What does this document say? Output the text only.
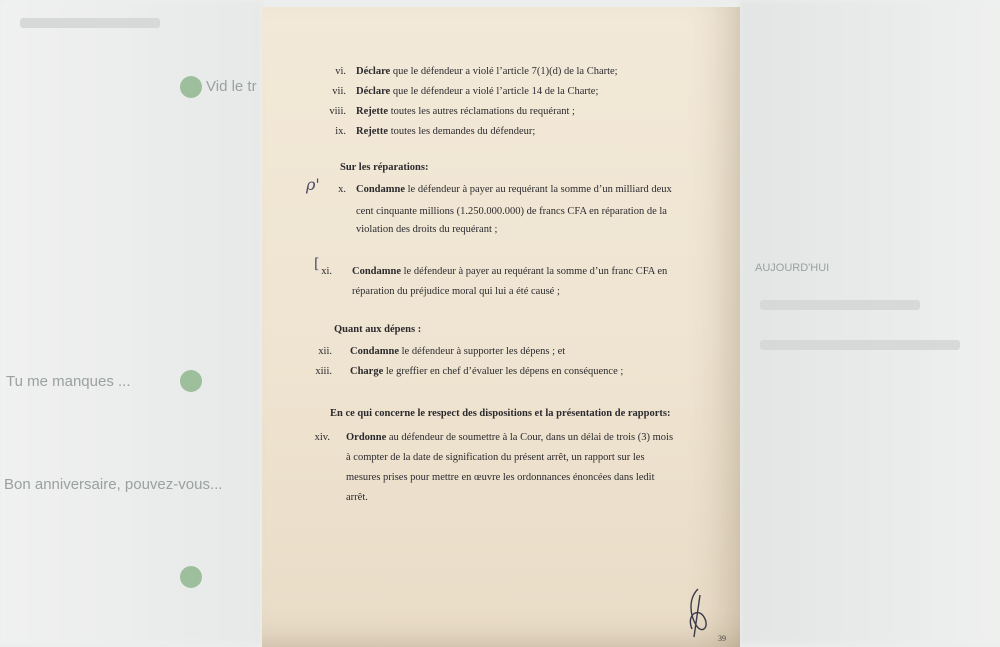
Vid le tr
Tu me manques ...
Bon anniversaire, pouvez-vous...
AUJOURD'HUI
vi. Déclare que le défendeur a violé l’article 7(1)(d) de la Charte;
vii. Déclare que le défendeur a violé l’article 14 de la Charte;
viii. Rejette toutes les autres réclamations du requérant ;
ix. Rejette toutes les demandes du défendeur;
Sur les réparations:
ρ'	x. Condamne le défendeur à payer au requérant la somme d’un milliard deux
cent cinquante millions (1.250.000.000) de francs CFA en réparation de la
violation des droits du requérant ;
[ xi. Condamne le défendeur à payer au requérant la somme d’un franc CFA en
réparation du préjudice moral qui lui a été causé ;
Quant aux dépens :
xii. Condamne le défendeur à supporter les dépens ; et
xiii. Charge le greffier en chef d’évaluer les dépens en conséquence ;
En ce qui concerne le respect des dispositions et la présentation de rapports:
xiv. Ordonne au défendeur de soumettre à la Cour, dans un délai de trois (3) mois
à compter de la date de signification du présent arrêt, un rapport sur les
mesures prises pour mettre en œuvre les ordonnances énoncées dans ledit
arrêt.
39
